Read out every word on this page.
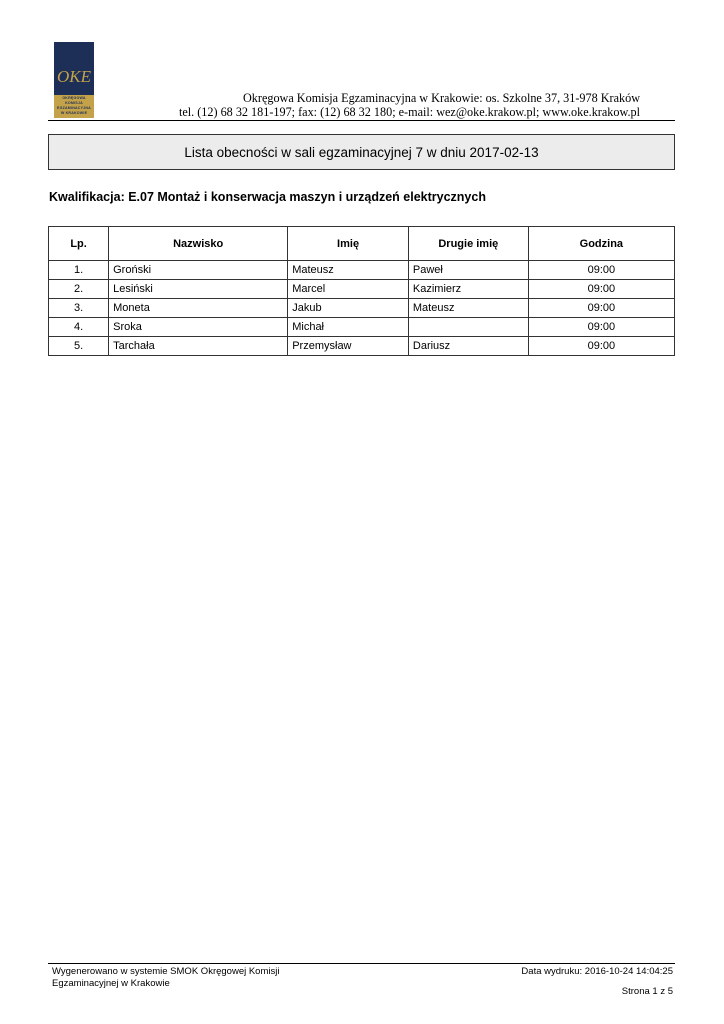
OKE
OKRĘGOWA
KOMISJA
EGZAMINACYJNA
W KRAKOWIE
Okręgowa Komisja Egzaminacyjna w Krakowie: os. Szkolne 37, 31-978 Kraków
tel. (12) 68 32 181-197; fax: (12) 68 32 180; e-mail: wez@oke.krakow.pl; www.oke.krakow.pl
Lista obecności w sali egzaminacyjnej 7 w dniu 2017-02-13
Kwalifikacja: E.07 Montaż i konserwacja maszyn i urządzeń elektrycznych
Lp.	Nazwisko	Imię	Drugie imię	Godzina
1.	Groński	Mateusz	Paweł	09:00
2.	Lesiński	Marcel	Kazimierz	09:00
3.	Moneta	Jakub	Mateusz	09:00
4.	Sroka	Michał		09:00
5.	Tarchała	Przemysław	Dariusz	09:00
Wygenerowano w systemie SMOK Okręgowej Komisji
Egzaminacyjnej w Krakowie
Data wydruku: 2016-10-24 14:04:25
Strona 1 z 5
